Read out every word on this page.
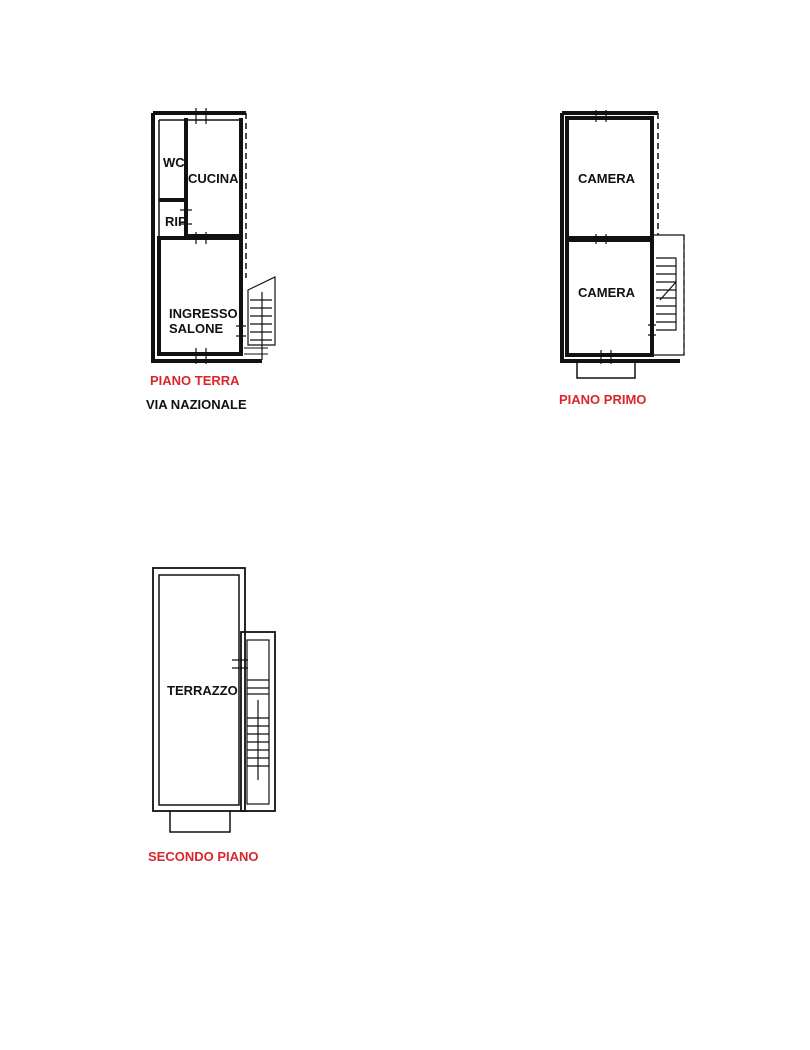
WC
CUCINA
RIP
INGRESSO
SALONE
CAMERA
CAMERA
TERRAZZO
PIANO TERRA
VIA NAZIONALE	PIANO PRIMO
SECONDO PIANO
